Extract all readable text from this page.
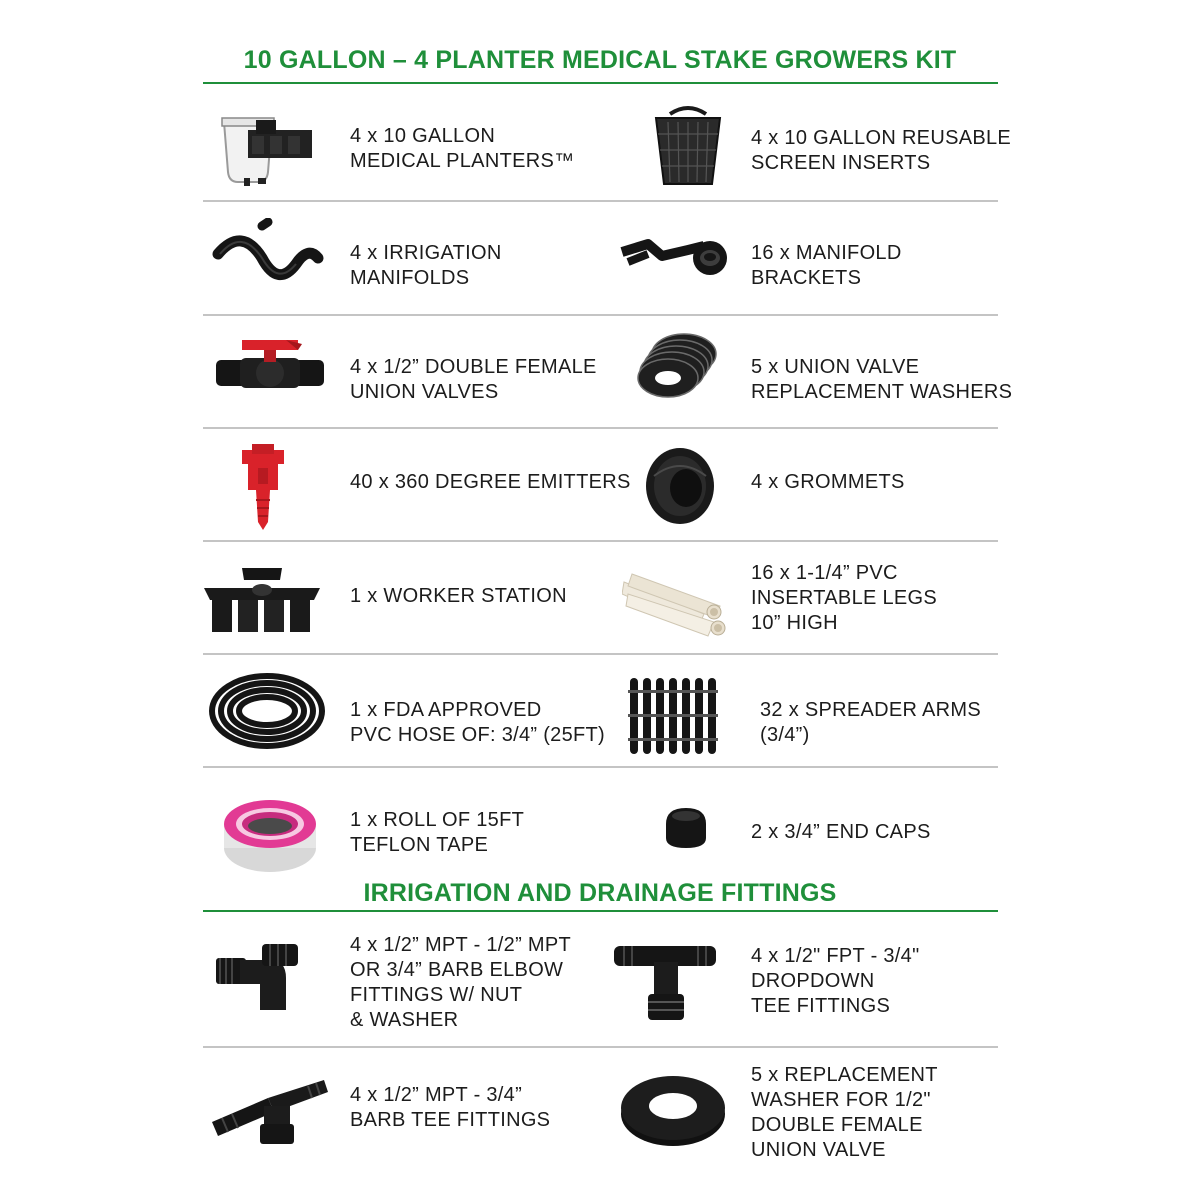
10 GALLON – 4 PLANTER MEDICAL STAKE GROWERS KIT
4 x 10 GALLON
MEDICAL PLANTERS™
4 x 10 GALLON REUSABLE
SCREEN INSERTS
4 x IRRIGATION
MANIFOLDS
16 x MANIFOLD
BRACKETS
4 x 1/2” DOUBLE FEMALE
UNION VALVES
5 x UNION VALVE
REPLACEMENT WASHERS
40 x 360 DEGREE EMITTERS	4 x GROMMETS
1 x WORKER STATION
16 x 1-1/4” PVC
INSERTABLE LEGS
10” HIGH
1 x FDA APPROVED
PVC HOSE OF: 3/4” (25FT)
32 x SPREADER ARMS
(3/4”)
1 x ROLL OF 15FT
TEFLON TAPE
2 x 3/4” END CAPS
IRRIGATION AND DRAINAGE FITTINGS
4 x 1/2” MPT - 1/2” MPT
OR 3/4” BARB ELBOW
FITTINGS W/ NUT
& WASHER
4 x 1/2" FPT - 3/4"
DROPDOWN
TEE FITTINGS
4 x 1/2” MPT - 3/4”
BARB TEE FITTINGS
5 x REPLACEMENT
WASHER FOR 1/2"
DOUBLE FEMALE
UNION VALVE
